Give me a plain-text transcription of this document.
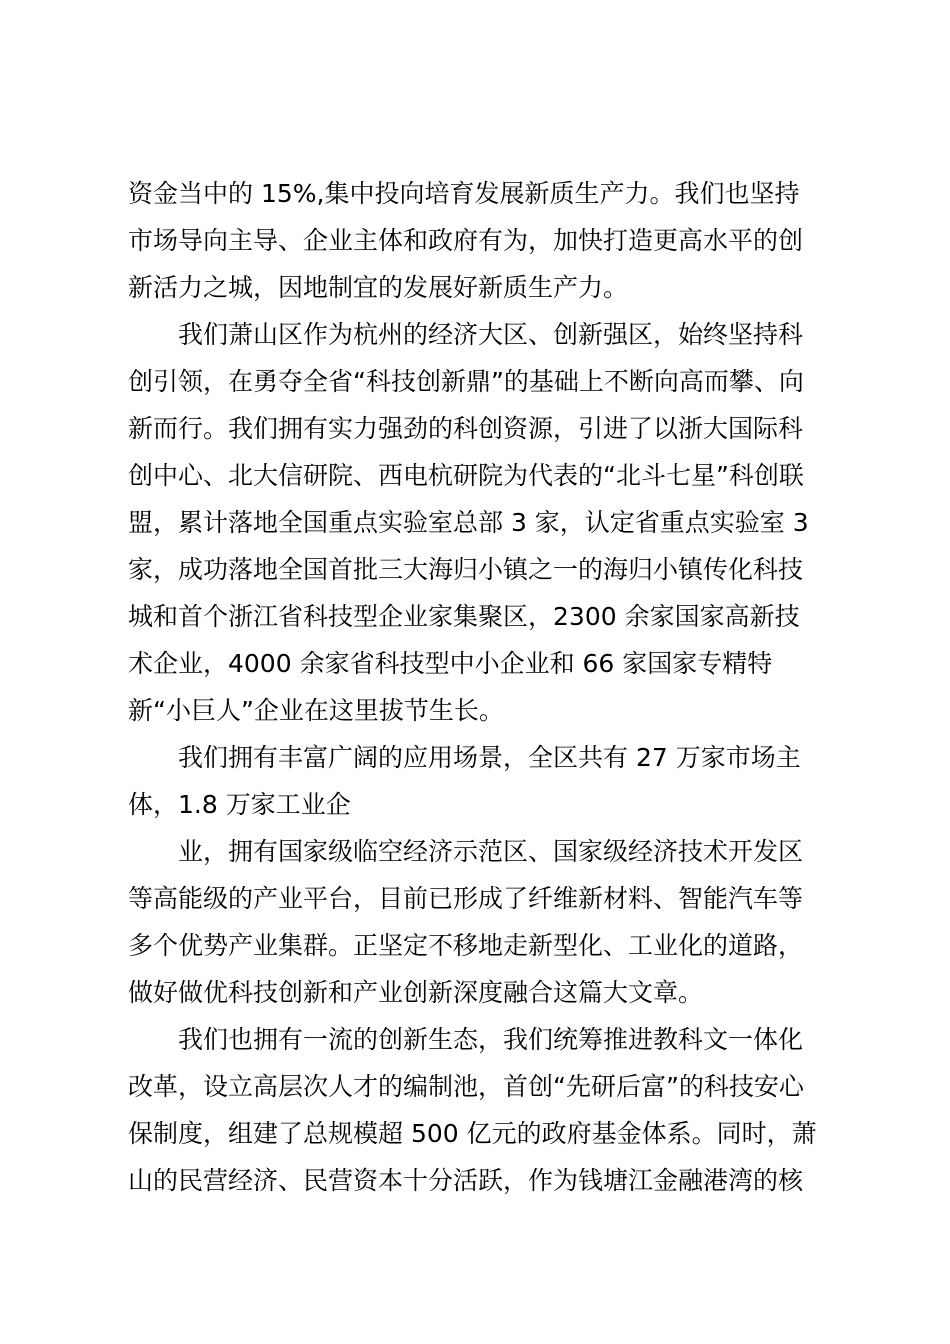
资金当中的 15%,集中投向培育发展新质生产力。我们也坚持
市场导向主导、企业主体和政府有为，加快打造更高水平的创
新活力之城，因地制宜的发展好新质生产力。
我们萧山区作为杭州的经济大区、创新强区，始终坚持科
创引领，在勇夺全省“科技创新鼎”的基础上不断向高而攀、向
新而行。我们拥有实力强劲的科创资源，引进了以浙大国际科
创中心、北大信研院、西电杭研院为代表的“北斗七星”科创联
盟，累计落地全国重点实验室总部 3 家，认定省重点实验室 3
家，成功落地全国首批三大海归小镇之一的海归小镇传化科技
城和首个浙江省科技型企业家集聚区，2300 余家国家高新技
术企业，4000 余家省科技型中小企业和 66 家国家专精特
新“小巨人”企业在这里拔节生长。
我们拥有丰富广阔的应用场景，全区共有 27 万家市场主
体，1.8 万家工业企
业，拥有国家级临空经济示范区、国家级经济技术开发区
等高能级的产业平台，目前已形成了纤维新材料、智能汽车等
多个优势产业集群。正坚定不移地走新型化、工业化的道路，
做好做优科技创新和产业创新深度融合这篇大文章。
我们也拥有一流的创新生态，我们统筹推进教科文一体化
改革，设立高层次人才的编制池，首创“先研后富”的科技安心
保制度，组建了总规模超 500 亿元的政府基金体系。同时，萧
山的民营经济、民营资本十分活跃，作为钱塘江金融港湾的核
